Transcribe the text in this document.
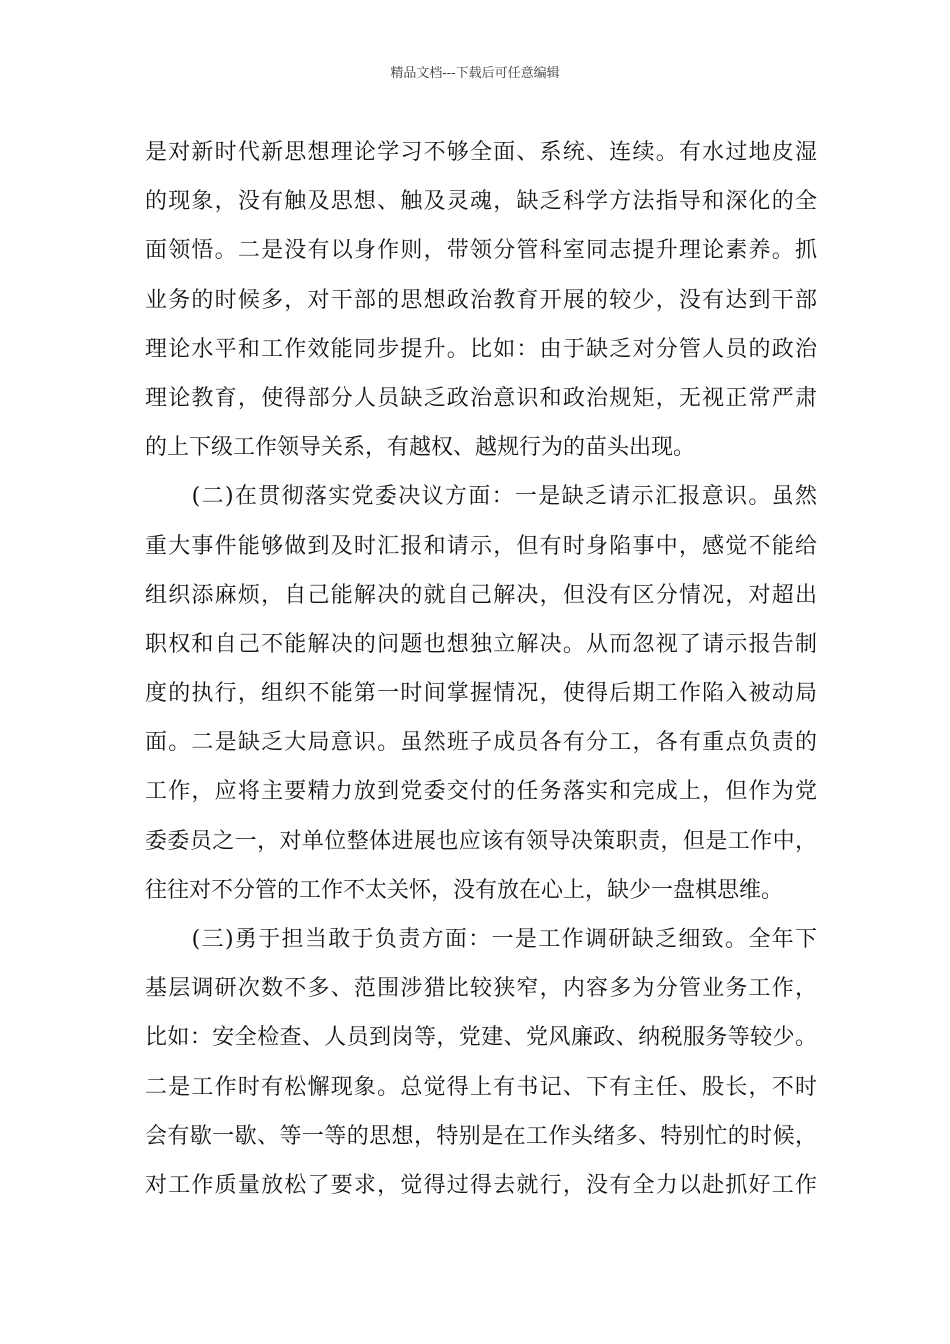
精品文档---下载后可任意编辑
是对新时代新思想理论学习不够全面、系统、连续。有水过地皮湿
的现象，没有触及思想、触及灵魂，缺乏科学方法指导和深化的全
面领悟。二是没有以身作则，带领分管科室同志提升理论素养。抓
业务的时候多，对干部的思想政治教育开展的较少，没有达到干部
理论水平和工作效能同步提升。比如：由于缺乏对分管人员的政治
理论教育，使得部分人员缺乏政治意识和政治规矩，无视正常严肃
的上下级工作领导关系，有越权、越规行为的苗头出现。
　　(二)在贯彻落实党委决议方面：一是缺乏请示汇报意识。虽然
重大事件能够做到及时汇报和请示，但有时身陷事中，感觉不能给
组织添麻烦，自己能解决的就自己解决，但没有区分情况，对超出
职权和自己不能解决的问题也想独立解决。从而忽视了请示报告制
度的执行，组织不能第一时间掌握情况，使得后期工作陷入被动局
面。二是缺乏大局意识。虽然班子成员各有分工，各有重点负责的
工作，应将主要精力放到党委交付的任务落实和完成上，但作为党
委委员之一，对单位整体进展也应该有领导决策职责，但是工作中，
往往对不分管的工作不太关怀，没有放在心上，缺少一盘棋思维。
　　(三)勇于担当敢于负责方面：一是工作调研缺乏细致。全年下
基层调研次数不多、范围涉猎比较狭窄，内容多为分管业务工作，
比如：安全检查、人员到岗等，党建、党风廉政、纳税服务等较少。
二是工作时有松懈现象。总觉得上有书记、下有主任、股长，不时
会有歇一歇、等一等的思想，特别是在工作头绪多、特别忙的时候，
对工作质量放松了要求，觉得过得去就行，没有全力以赴抓好工作
